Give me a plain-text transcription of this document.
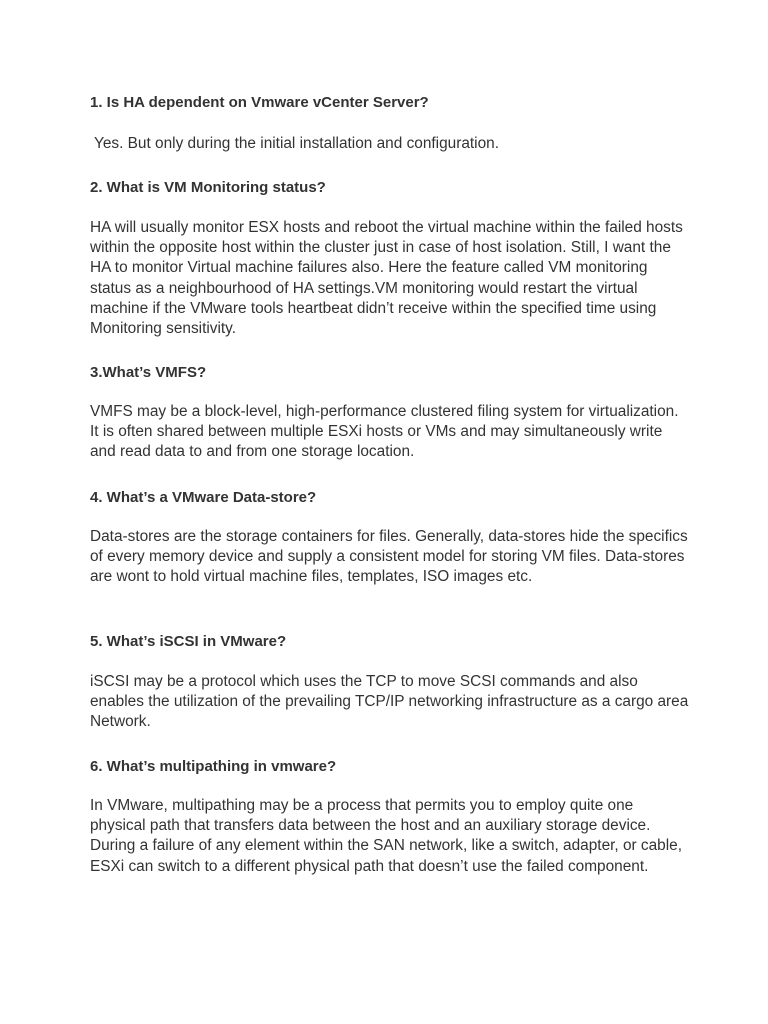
1. Is HA dependent on Vmware vCenter Server?

Yes. But only during the initial installation and configuration.

2. What is VM Monitoring status?

HA will usually monitor ESX hosts and reboot the virtual machine within the failed hosts within the opposite host within the cluster just in case of host isolation. Still, I want the HA to monitor Virtual machine failures also. Here the feature called VM monitoring status as a neighbourhood of HA settings.VM monitoring would restart the virtual machine if the VMware tools heartbeat didn’t receive within the specified time using Monitoring sensitivity.

3.What’s VMFS?

VMFS may be a block-level, high-performance clustered filing system for virtualization. It is often shared between multiple ESXi hosts or VMs and may simultaneously write and read data to and from one storage location.

4. What’s a VMware Data-store?

Data-stores are the storage containers for files. Generally, data-stores hide the specifics of every memory device and supply a consistent model for storing VM files. Data-stores are wont to hold virtual machine files, templates, ISO images etc.

5. What’s iSCSI in VMware?

iSCSI may be a protocol which uses the TCP to move SCSI commands and also enables the utilization of the prevailing TCP/IP networking infrastructure as a cargo area Network.

6. What’s multipathing in vmware?

In VMware, multipathing may be a process that permits you to employ quite one physical path that transfers data between the host and an auxiliary storage device. During a failure of any element within the SAN network, like a switch, adapter, or cable, ESXi can switch to a different physical path that doesn’t use the failed component.
